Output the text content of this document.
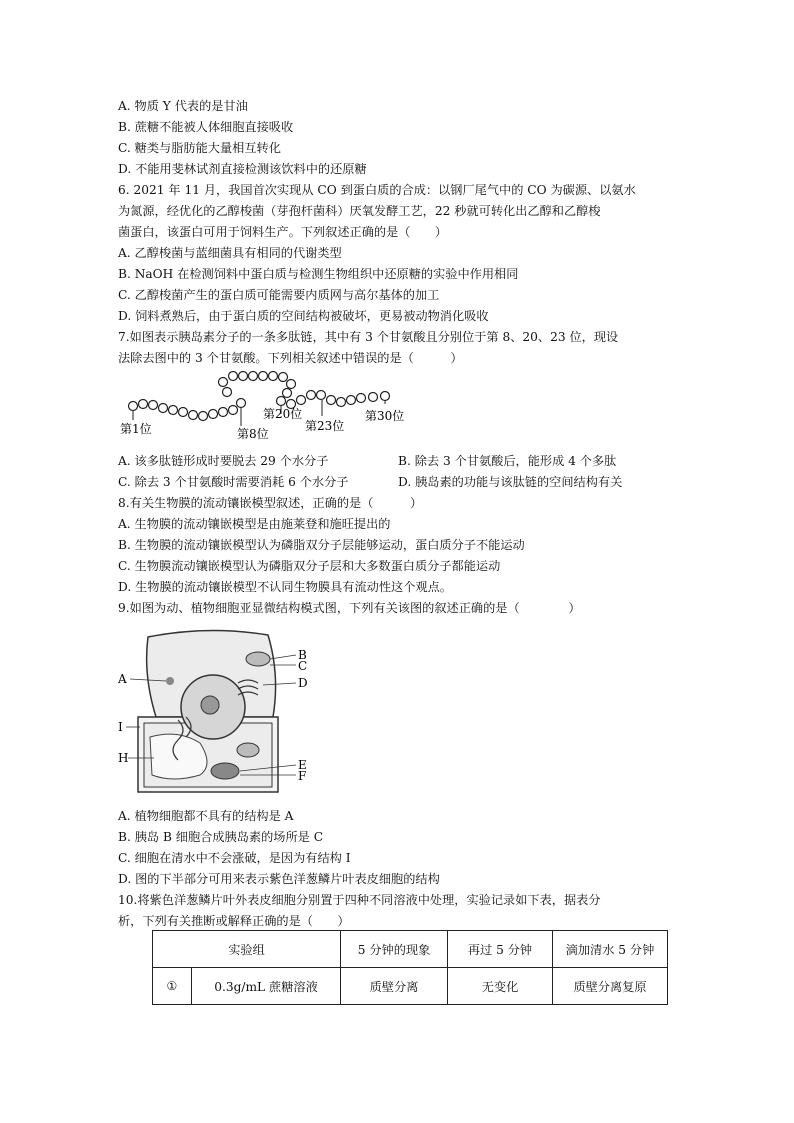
A. 物质 Y 代表的是甘油
B. 蔗糖不能被人体细胞直接吸收
C. 糖类与脂肪能大量相互转化
D. 不能用斐林试剂直接检测该饮料中的还原糖
6. 2021 年 11 月，我国首次实现从 CO 到蛋白质的合成：以钢厂尾气中的 CO 为碳源、以氨水
为氮源，经优化的乙醇梭菌（芽孢杆菌科）厌氧发酵工艺，22 秒就可转化出乙醇和乙醇梭
菌蛋白，该蛋白可用于饲料生产。下列叙述正确的是（　　）
A. 乙醇梭菌与蓝细菌具有相同的代谢类型
B. NaOH 在检测饲料中蛋白质与检测生物组织中还原糖的实验中作用相同
C. 乙醇梭菌产生的蛋白质可能需要内质网与高尔基体的加工
D. 饲料煮熟后，由于蛋白质的空间结构被破坏，更易被动物消化吸收
7.如图表示胰岛素分子的一条多肽链，其中有 3 个甘氨酸且分别位于第 8、20、23 位，现设
法除去图中的 3 个甘氨酸。下列相关叙述中错误的是（　　　）
第1位	第8位
第20位
第23位
第30位
A. 该多肽链形成时要脱去 29 个水分子	B. 除去 3 个甘氨酸后，能形成 4 个多肽
C. 除去 3 个甘氨酸时需要消耗 6 个水分子	D. 胰岛素的功能与该肽链的空间结构有关
8.有关生物膜的流动镶嵌模型叙述，正确的是（　　　）
A. 生物膜的流动镶嵌模型是由施莱登和施旺提出的
B. 生物膜的流动镶嵌模型认为磷脂双分子层能够运动，蛋白质分子不能运动
C. 生物膜流动镶嵌模型认为磷脂双分子层和大多数蛋白质分子都能运动
D. 生物膜的流动镶嵌模型不认同生物膜具有流动性这个观点。
9.如图为动、植物细胞亚显微结构模式图，下列有关该图的叙述正确的是（　　　　）
A
B
C
D
I
H	E
F
A. 植物细胞都不具有的结构是 A
B. 胰岛 B 细胞合成胰岛素的场所是 C
C. 细胞在清水中不会涨破，是因为有结构 I
D. 图的下半部分可用来表示紫色洋葱鳞片叶表皮细胞的结构
10.将紫色洋葱鳞片叶外表皮细胞分别置于四种不同溶液中处理，实验记录如下表，据表分
析，下列有关推断或解释正确的是（　　）
实验组		5 分钟的现象	再过 5 分钟	滴加清水 5 分钟
①	0.3g/mL 蔗糖溶液	质壁分离	无变化	质壁分离复原
